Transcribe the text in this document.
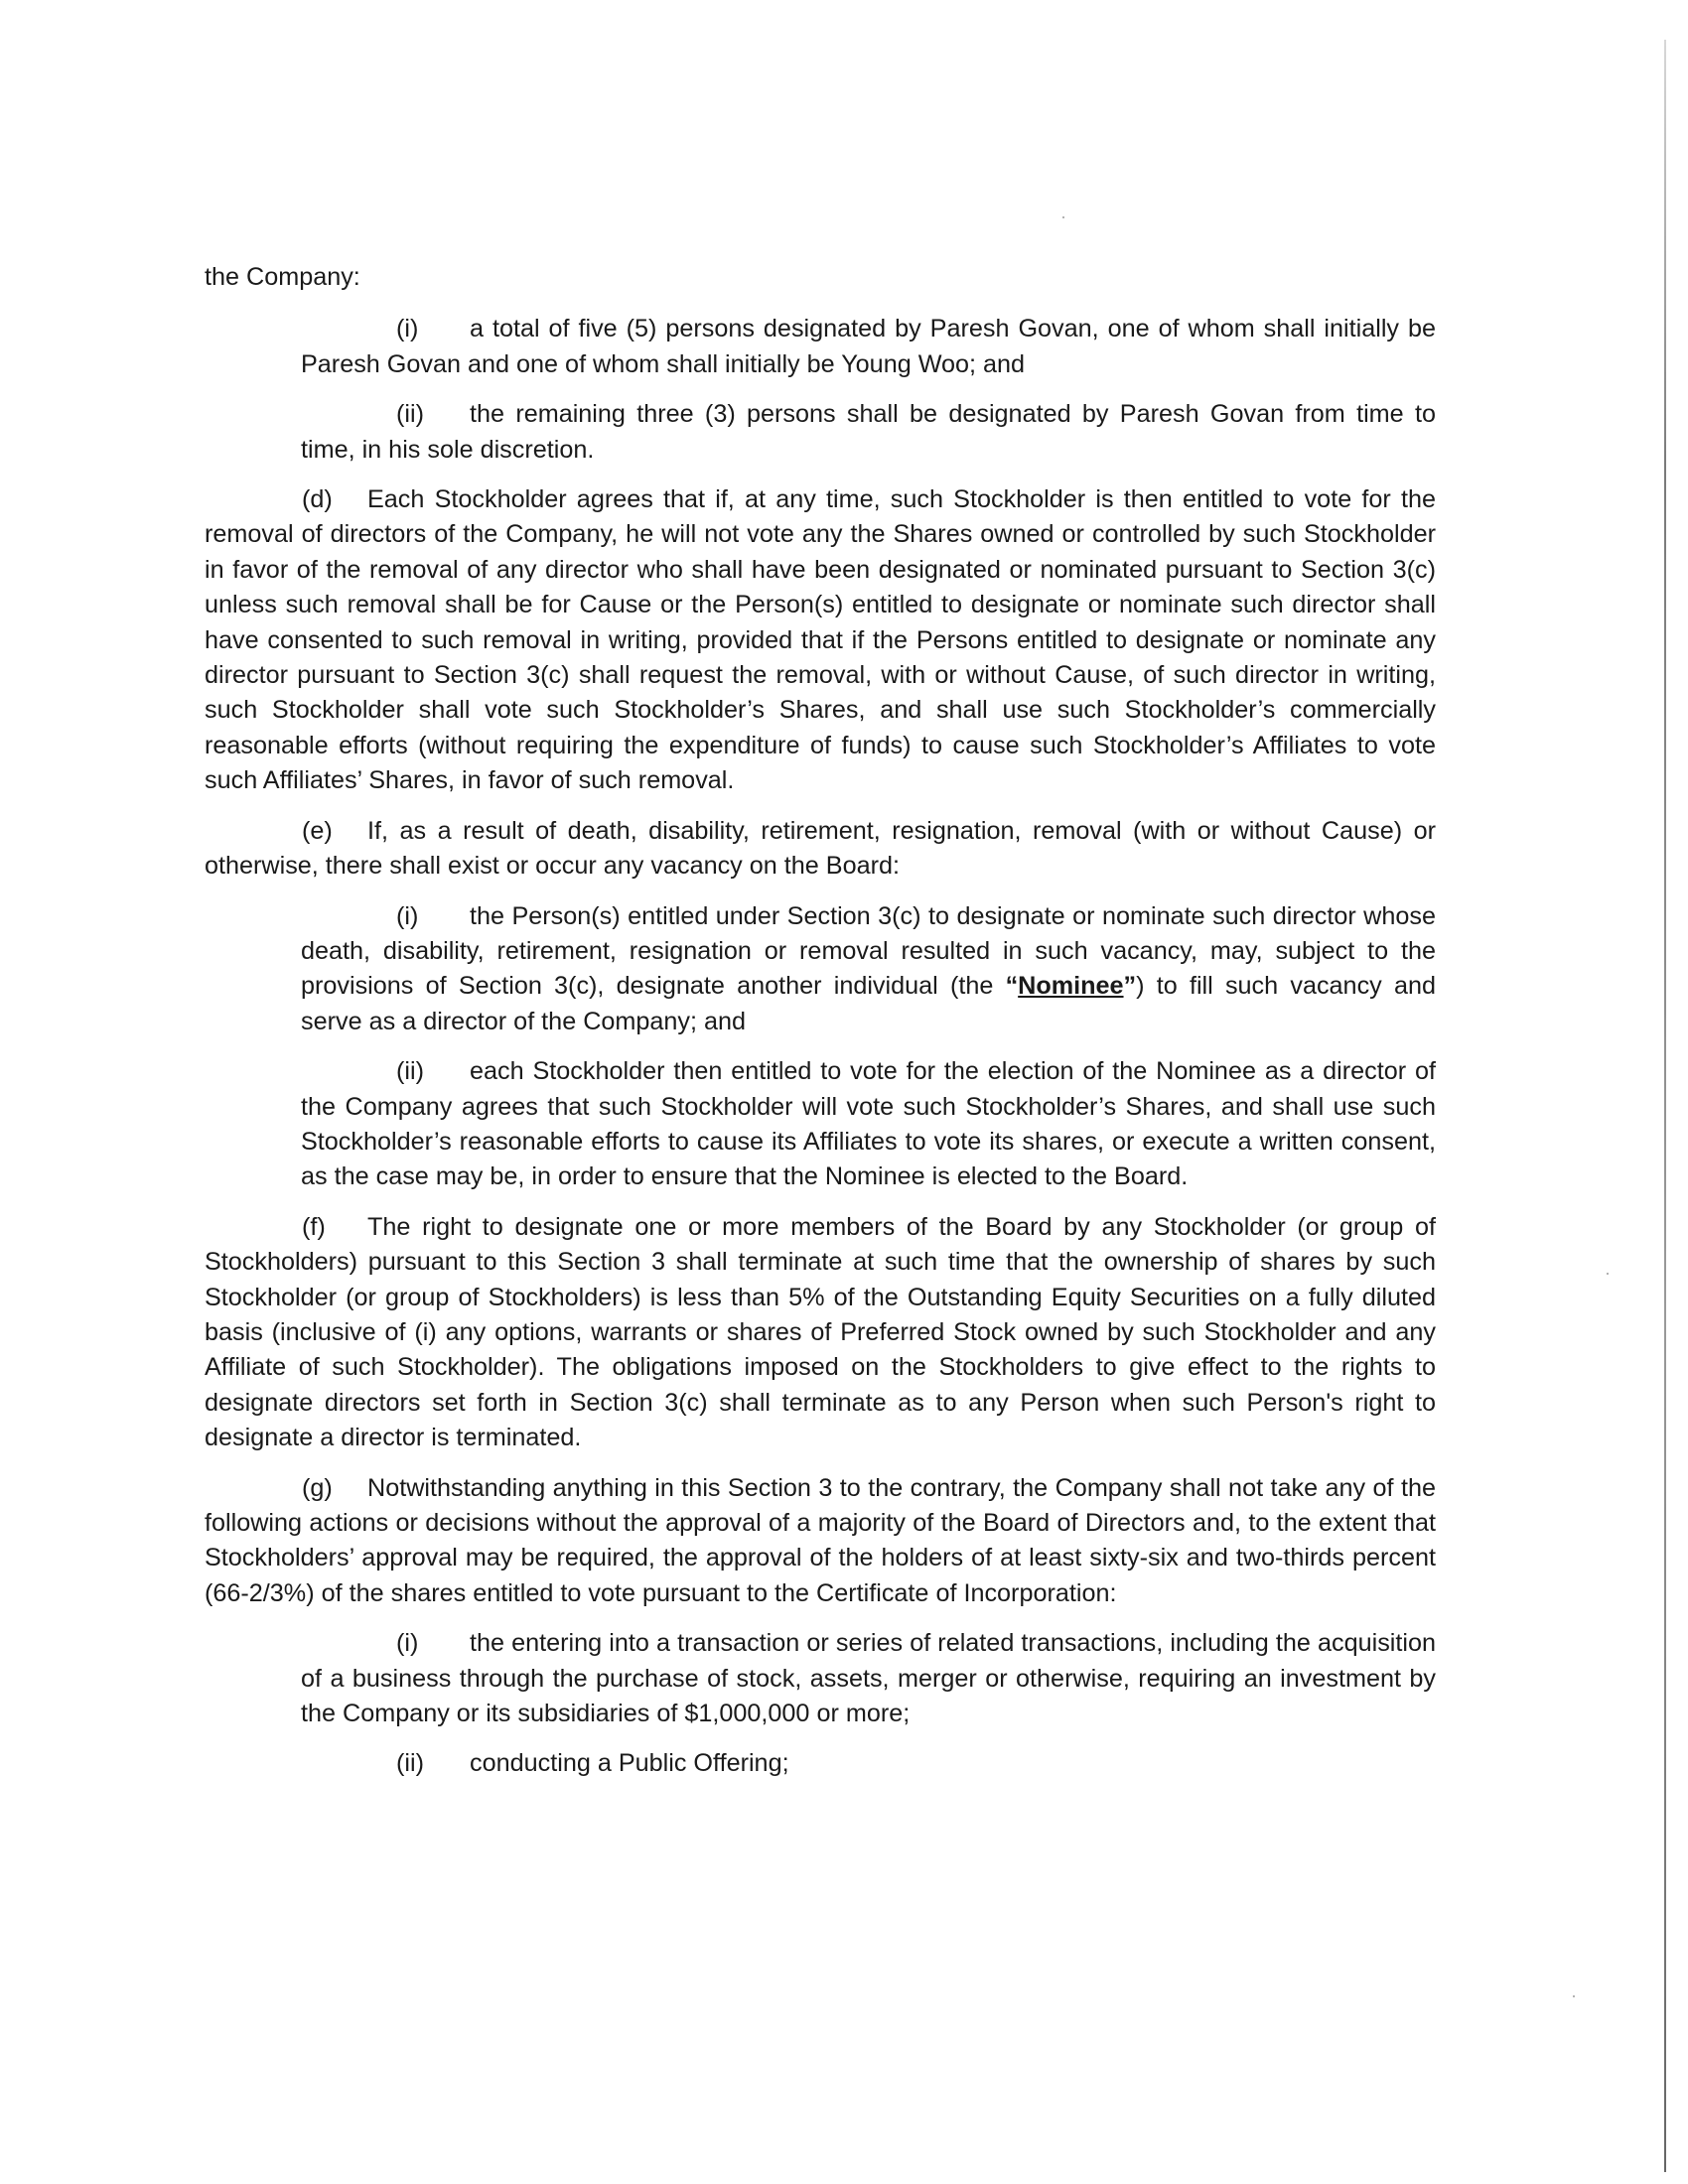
the Company:

(i) a total of five (5) persons designated by Paresh Govan, one of whom shall initially be Paresh Govan and one of whom shall initially be Young Woo; and

(ii) the remaining three (3) persons shall be designated by Paresh Govan from time to time, in his sole discretion.

(d) Each Stockholder agrees that if, at any time, such Stockholder is then entitled to vote for the removal of directors of the Company, he will not vote any the Shares owned or controlled by such Stockholder in favor of the removal of any director who shall have been designated or nominated pursuant to Section 3(c) unless such removal shall be for Cause or the Person(s) entitled to designate or nominate such director shall have consented to such removal in writing, provided that if the Persons entitled to designate or nominate any director pursuant to Section 3(c) shall request the removal, with or without Cause, of such director in writing, such Stockholder shall vote such Stockholder’s Shares, and shall use such Stockholder’s commercially reasonable efforts (without requiring the expenditure of funds) to cause such Stockholder’s Affiliates to vote such Affiliates’ Shares, in favor of such removal.

(e) If, as a result of death, disability, retirement, resignation, removal (with or without Cause) or otherwise, there shall exist or occur any vacancy on the Board:

(i) the Person(s) entitled under Section 3(c) to designate or nominate such director whose death, disability, retirement, resignation or removal resulted in such vacancy, may, subject to the provisions of Section 3(c), designate another individual (the “Nominee”) to fill such vacancy and serve as a director of the Company; and

(ii) each Stockholder then entitled to vote for the election of the Nominee as a director of the Company agrees that such Stockholder will vote such Stockholder’s Shares, and shall use such Stockholder’s reasonable efforts to cause its Affiliates to vote its shares, or execute a written consent, as the case may be, in order to ensure that the Nominee is elected to the Board.

(f) The right to designate one or more members of the Board by any Stockholder (or group of Stockholders) pursuant to this Section 3 shall terminate at such time that the ownership of shares by such Stockholder (or group of Stockholders) is less than 5% of the Outstanding Equity Securities on a fully diluted basis (inclusive of (i) any options, warrants or shares of Preferred Stock owned by such Stockholder and any Affiliate of such Stockholder). The obligations imposed on the Stockholders to give effect to the rights to designate directors set forth in Section 3(c) shall terminate as to any Person when such Person's right to designate a director is terminated.

(g) Notwithstanding anything in this Section 3 to the contrary, the Company shall not take any of the following actions or decisions without the approval of a majority of the Board of Directors and, to the extent that Stockholders’ approval may be required, the approval of the holders of at least sixty-six and two-thirds percent (66-2/3%) of the shares entitled to vote pursuant to the Certificate of Incorporation:

(i) the entering into a transaction or series of related transactions, including the acquisition of a business through the purchase of stock, assets, merger or otherwise, requiring an investment by the Company or its subsidiaries of $1,000,000 or more;

(ii) conducting a Public Offering;
